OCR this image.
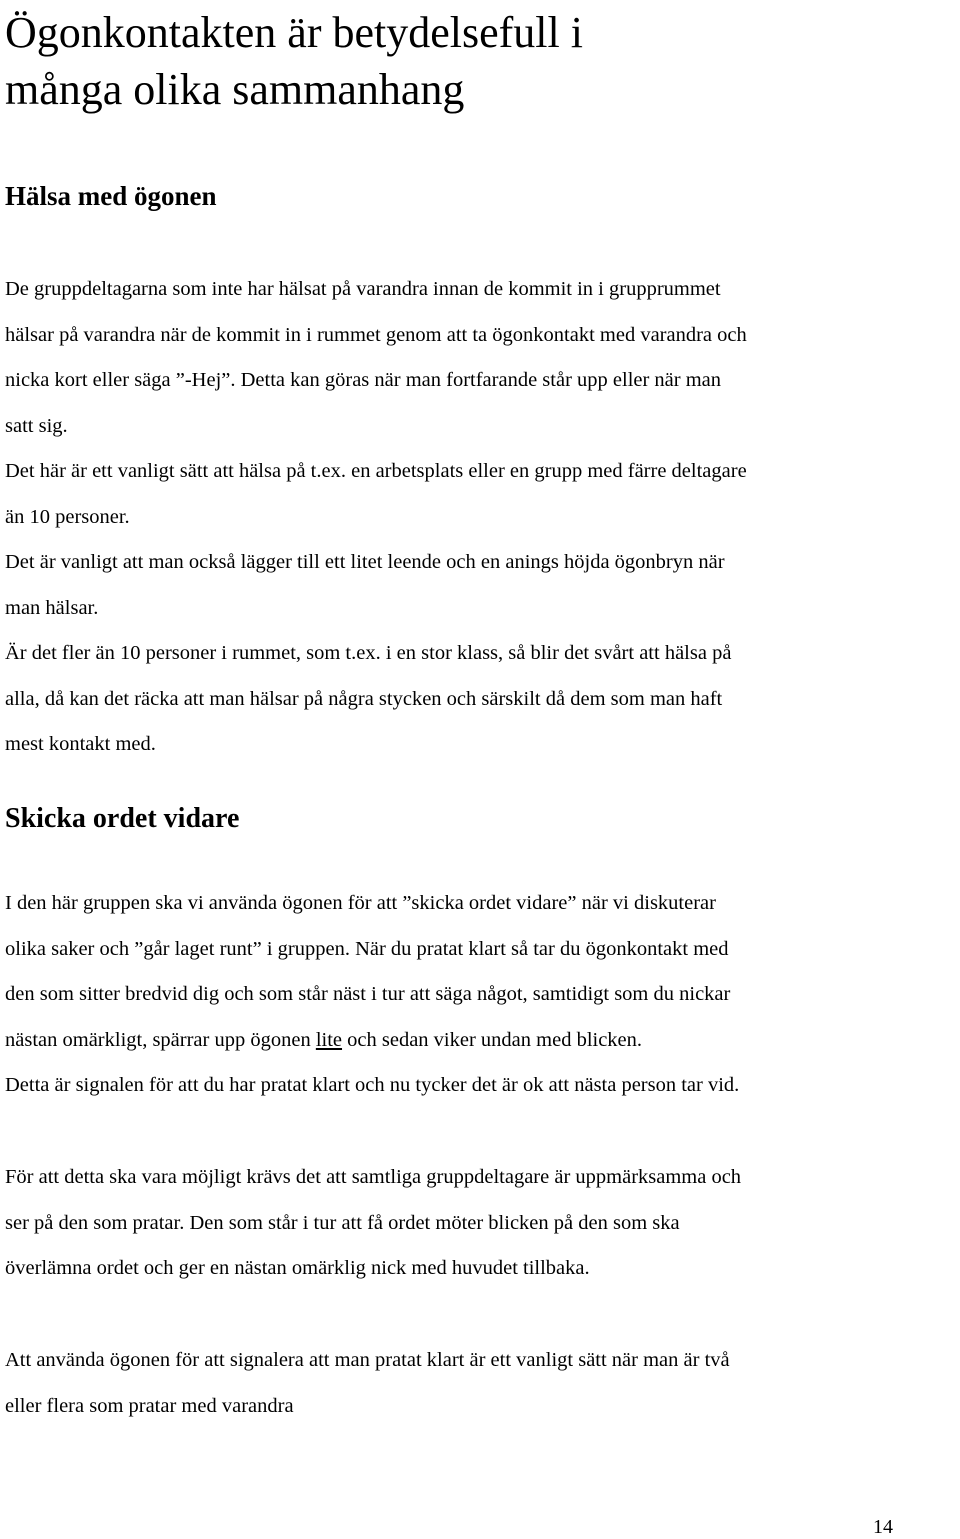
Ögonkontakten är betydelsefull i
många olika sammanhang
Hälsa med ögonen

De gruppdeltagarna som inte har hälsat på varandra innan de kommit in i grupprummet
hälsar på varandra när de kommit in i rummet genom att ta ögonkontakt med varandra och
nicka kort eller säga ”-Hej”. Detta kan göras när man fortfarande står upp eller när man
satt sig.

Det här är ett vanligt sätt att hälsa på t.ex. en arbetsplats eller en grupp med färre deltagare
än 10 personer.

Det är vanligt att man också lägger till ett litet leende och en anings höjda ögonbryn när
man hälsar.

Är det fler än 10 personer i rummet, som t.ex. i en stor klass, så blir det svårt att hälsa på
alla, då kan det räcka att man hälsar på några stycken och särskilt då dem som man haft
mest kontakt med.

Skicka ordet vidare

I den här gruppen ska vi använda ögonen för att ”skicka ordet vidare” när vi diskuterar
olika saker och ”går laget runt” i gruppen. När du pratat klart så tar du ögonkontakt med
den som sitter bredvid dig och som står näst i tur att säga något, samtidigt som du nickar
nästan omärkligt, spärrar upp ögonen lite och sedan viker undan med blicken.
Detta är signalen för att du har pratat klart och nu tycker det är ok att nästa person tar vid.

För att detta ska vara möjligt krävs det att samtliga gruppdeltagare är uppmärksamma och
ser på den som pratar. Den som står i tur att få ordet möter blicken på den som ska
överlämna ordet och ger en nästan omärklig nick med huvudet tillbaka.

Att använda ögonen för att signalera att man pratat klart är ett vanligt sätt när man är två
eller flera som pratar med varandra

14
